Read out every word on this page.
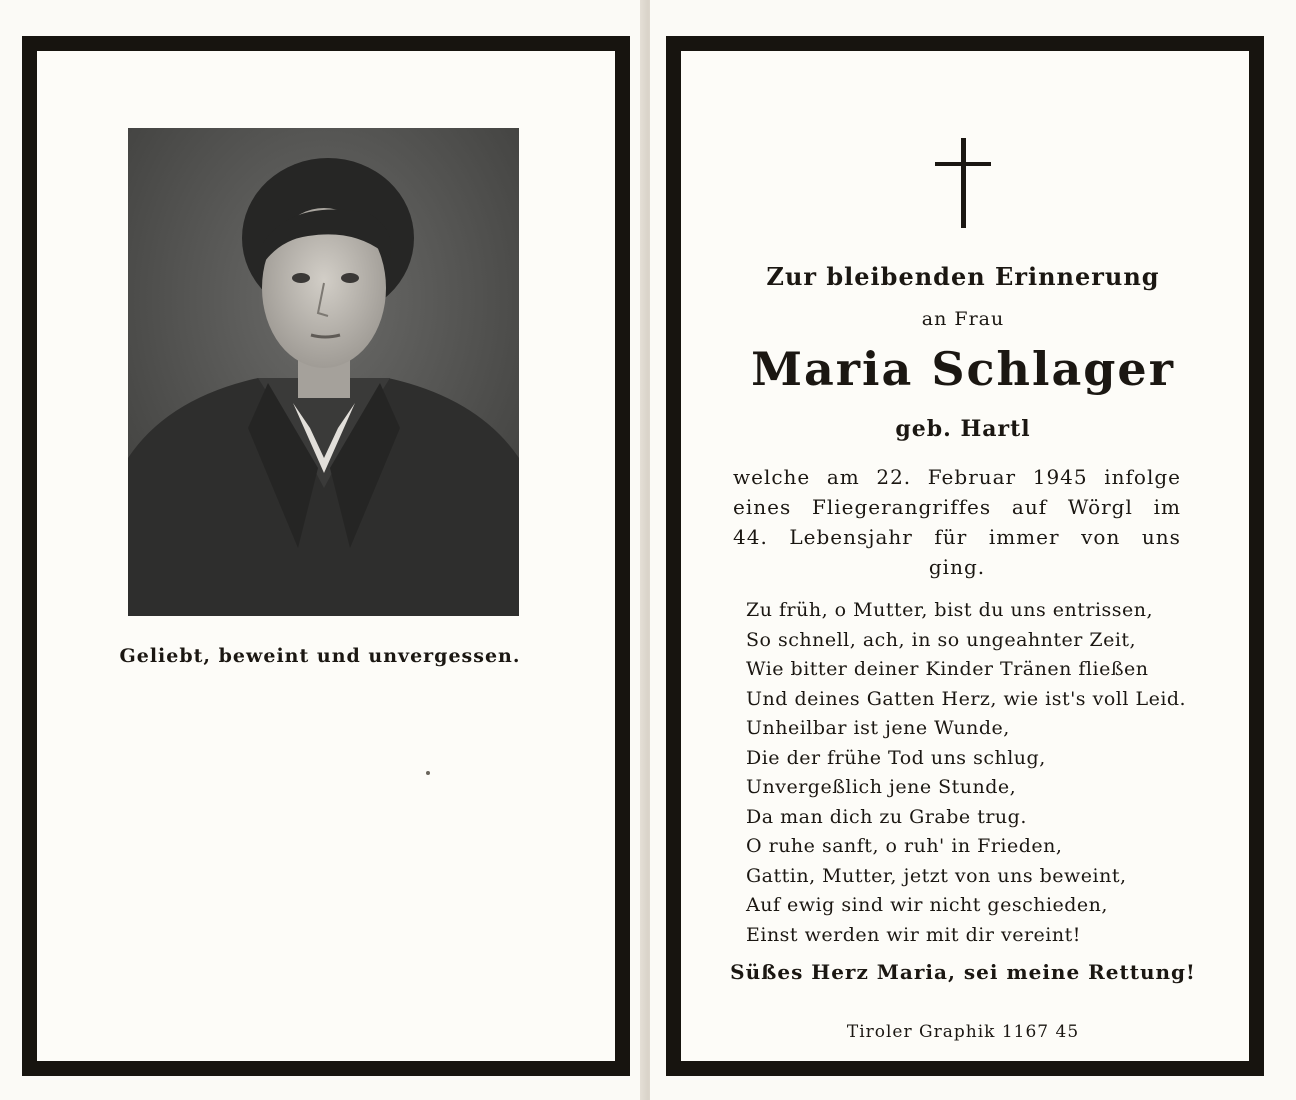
Geliebt, beweint und unvergessen.
Zur bleibenden Erinnerung
an Frau
Maria Schlager
geb. Hartl
welche am 22. Februar 1945 infolge
eines Fliegerangriffes auf Wörgl im
44. Lebensjahr für immer von uns
ging.
Zu früh, o Mutter, bist du uns entrissen,
So schnell, ach, in so ungeahnter Zeit,
Wie bitter deiner Kinder Tränen fließen
Und deines Gatten Herz, wie ist's voll Leid.
Unheilbar ist jene Wunde,
Die der frühe Tod uns schlug,
Unvergeßlich jene Stunde,
Da man dich zu Grabe trug.
O ruhe sanft, o ruh' in Frieden,
Gattin, Mutter, jetzt von uns beweint,
Auf ewig sind wir nicht geschieden,
Einst werden wir mit dir vereint!
Süßes Herz Maria, sei meine Rettung!
Tiroler Graphik 1167 45
